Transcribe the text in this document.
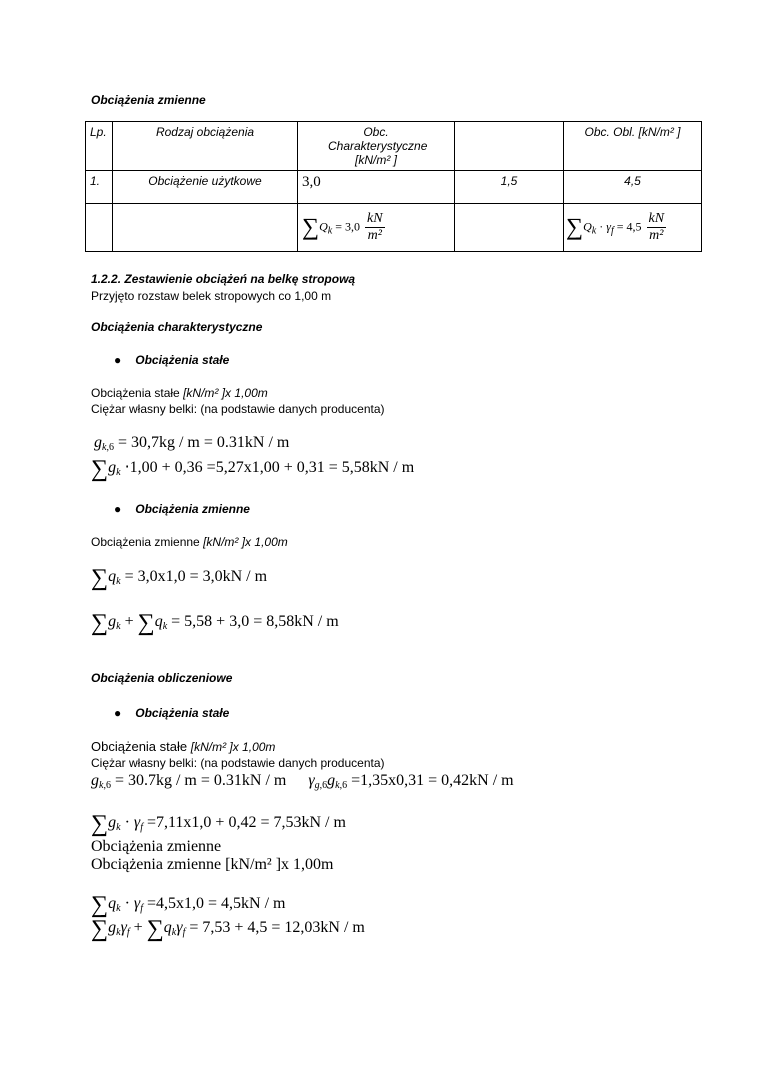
Obciążenia zmienne
Lp.	Rodzaj obciążenia	Obc. Charakterystyczne [kN/m² ]		Obc. Obl. [kN/m² ]
1.	Obciążenie użytkowe	3,0	1,5	4,5
		$\sum Q_k = 3,0 \frac{kN}{\text{m²}}$		$\sum Q_k \cdot \gamma_f = 4,5 \frac{kN}{\text{m²}}$
1.2.2. Zestawienie obciążeń na belkę stropową
Przyjęto rozstaw belek stropowych co 1,00 m
Obciążenia charakterystyczne
● Obciążenia stałe
Obciążenia stałe [kN/m² ]x 1,00m
Ciężar własny belki: (na podstawie danych producenta)
$g_{k,6} = 30,7kg / m = 0.31kN / m$
$\sum g_k \cdot 1,00 + 0,36 =5,27x1,00 + 0,31 = 5,58kN / m$
● Obciążenia zmienne
Obciążenia zmienne [kN/m² ]x 1,00m
$\sum q_k = 3,0x1,0 = 3,0kN / m$
$\sum g_k + \sum q_k = 5,58 + 3,0 = 8,58kN / m$
Obciążenia obliczeniowe
● Obciążenia stałe
Obciążenia stałe [kN/m² ]x 1,00m
Ciężar własny belki: (na podstawie danych producenta)
$g_{k,6} = 30.7kg / m = 0.31kN / m$ $\gamma_{g,6}g_{k,6} =1,35x0,31 = 0,42kN / m$
$\sum g_k \cdot \gamma_f =7,11x1,0 + 0,42 = 7,53kN / m$
Obciążenia zmienne
Obciążenia zmienne [kN/m² ]x 1,00m
$\sum q_k \cdot \gamma_f =4,5x1,0 = 4,5kN / m$
$\sum g_k\gamma_f + \sum q_k\gamma_f = 7,53 + 4,5 = 12,03kN / m$
